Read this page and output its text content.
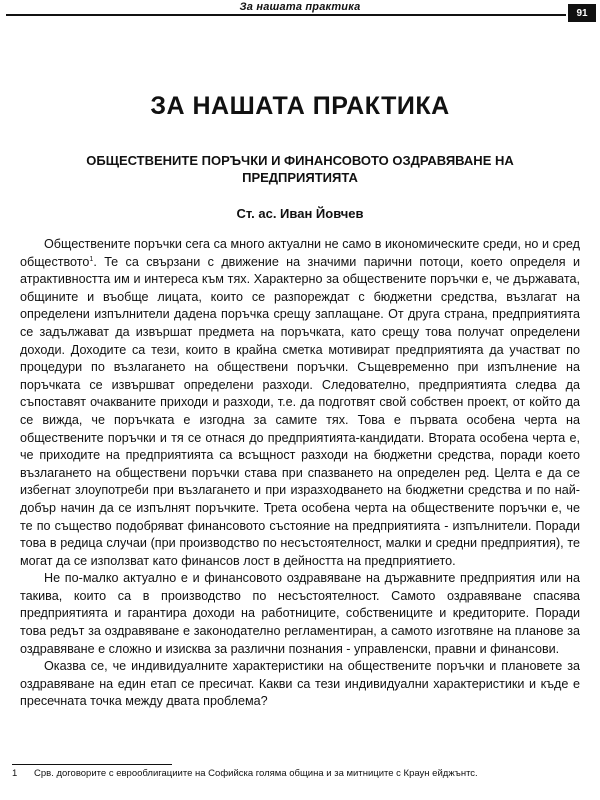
За нашата практика
91
ЗА НАШАТА ПРАКТИКА
ОБЩЕСТВЕНИТЕ ПОРЪЧКИ И ФИНАНСОВОТО ОЗДРАВЯВАНЕ НА ПРЕДПРИЯТИЯТА
Ст. ас. Иван Йовчев

Обществените поръчки сега са много актуални не само в икономическите среди, но и сред обществото$^1$. Те са свързани с движение на значими парични потоци, което определя и атрактивността им и интереса към тях. Характерно за обществените поръчки е, че държавата, общините и въобще лицата, които се разпореждат с бюджетни средства, възлагат на определени изпълнители дадена поръчка срещу заплащане. От друга страна, предприятията се задължават да извършат предмета на поръчката, като срещу това получат определени доходи. Доходите са тези, които в крайна сметка мотивират предприятията да участват по процедури по възлагането на обществени поръчки. Същевременно при изпълнение на поръчката се извършват определени разходи. Следователно, предприятията следва да съпоставят очакваните приходи и разходи, т.е. да подготвят свой собствен проект, от който да се вижда, че поръчката е изгодна за самите тях. Това е първата особена черта на обществените поръчки и тя се отнася до предприятията-кандидати. Втората особена черта е, че приходите на предприятията са всъщност разходи на бюджетни средства, поради което възлагането на обществени поръчки става при спазването на определен ред. Целта е да се избегнат злоупотреби при възлагането и при изразходването на бюджетни средства и по най-добър начин да се изпълнят поръчките. Трета особена черта на обществените поръчки е, че те по същество подобряват финансовото състояние на предприятията - изпълнители. Поради това в редица случаи (при производство по несъстоятелност, малки и средни предприятия), те могат да се използват като финансов лост в дейността на предприятието.

Не по-малко актуално е и финансовото оздравяване на държавните предприятия или на такива, които са в производство по несъстоятелност. Самото оздравяване спасява предприятията и гарантира доходи на работниците, собствениците и кредиторите. Поради това редът за оздравяване е законодателно регламентиран, а самото изготвяне на планове за оздравяване е сложно и изисква за различни познания - управленски, правни и финансови.

Оказва се, че индивидуалните характеристики на обществените поръчки и плановете за оздравяване на един етап се пресичат. Какви са тези индивидуални характеристики и къде е пресечната точка между двата проблема?

1 Срв. договорите с еврооблигациите на Софийска голяма община и за митниците с Краун ейджънтс.
